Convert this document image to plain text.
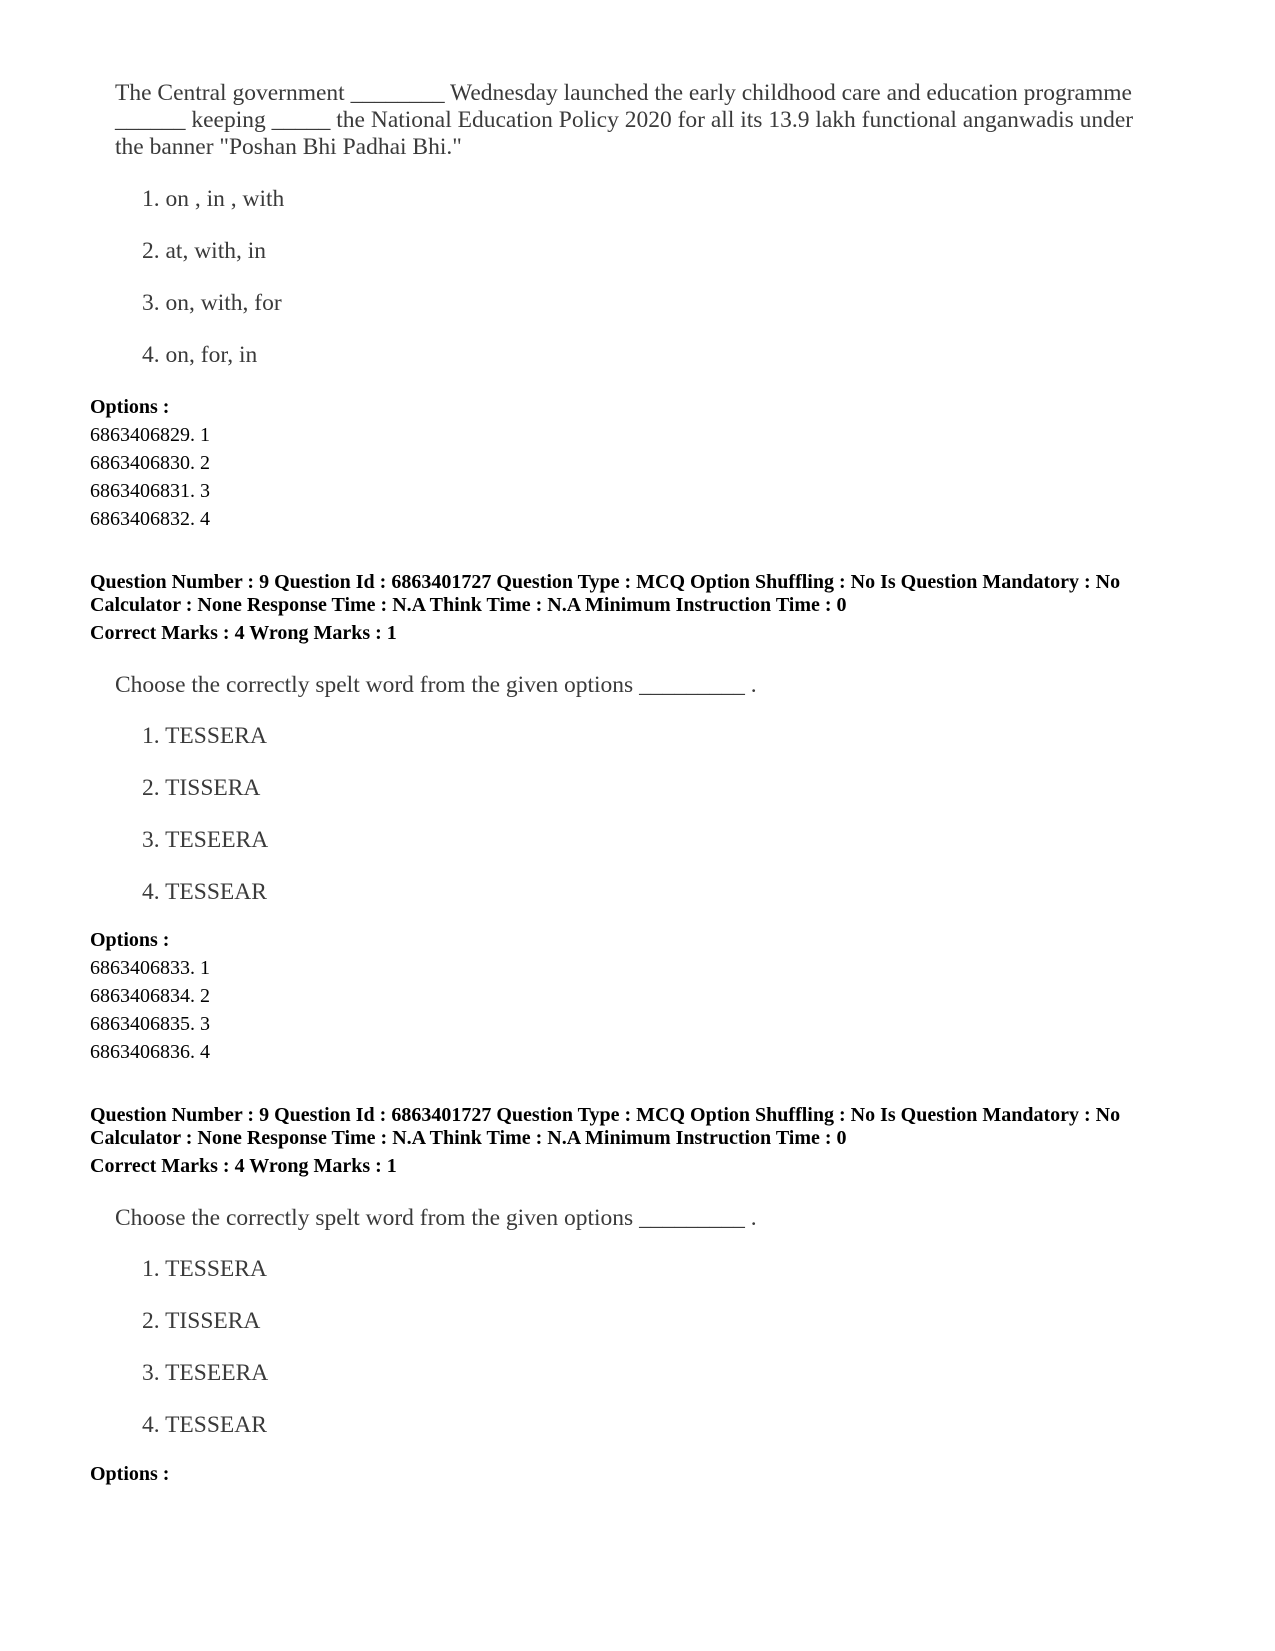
The Central government ________ Wednesday launched the early childhood care and education programme
______ keeping _____ the National Education Policy 2020 for all its 13.9 lakh functional anganwadis under
the banner "Poshan Bhi Padhai Bhi."
1. on , in , with
2. at, with, in
3. on, with, for
4. on, for, in
Options :
6863406829. 1
6863406830. 2
6863406831. 3
6863406832. 4
Question Number : 9 Question Id : 6863401727 Question Type : MCQ Option Shuffling : No Is Question Mandatory : No
Calculator : None Response Time : N.A Think Time : N.A Minimum Instruction Time : 0
Correct Marks : 4 Wrong Marks : 1
Choose the correctly spelt word from the given options _________ .
1. TESSERA
2. TISSERA
3. TESEERA
4. TESSEAR
Options :
6863406833. 1
6863406834. 2
6863406835. 3
6863406836. 4
Question Number : 9 Question Id : 6863401727 Question Type : MCQ Option Shuffling : No Is Question Mandatory : No
Calculator : None Response Time : N.A Think Time : N.A Minimum Instruction Time : 0
Correct Marks : 4 Wrong Marks : 1
Choose the correctly spelt word from the given options _________ .
1. TESSERA
2. TISSERA
3. TESEERA
4. TESSEAR
Options :
